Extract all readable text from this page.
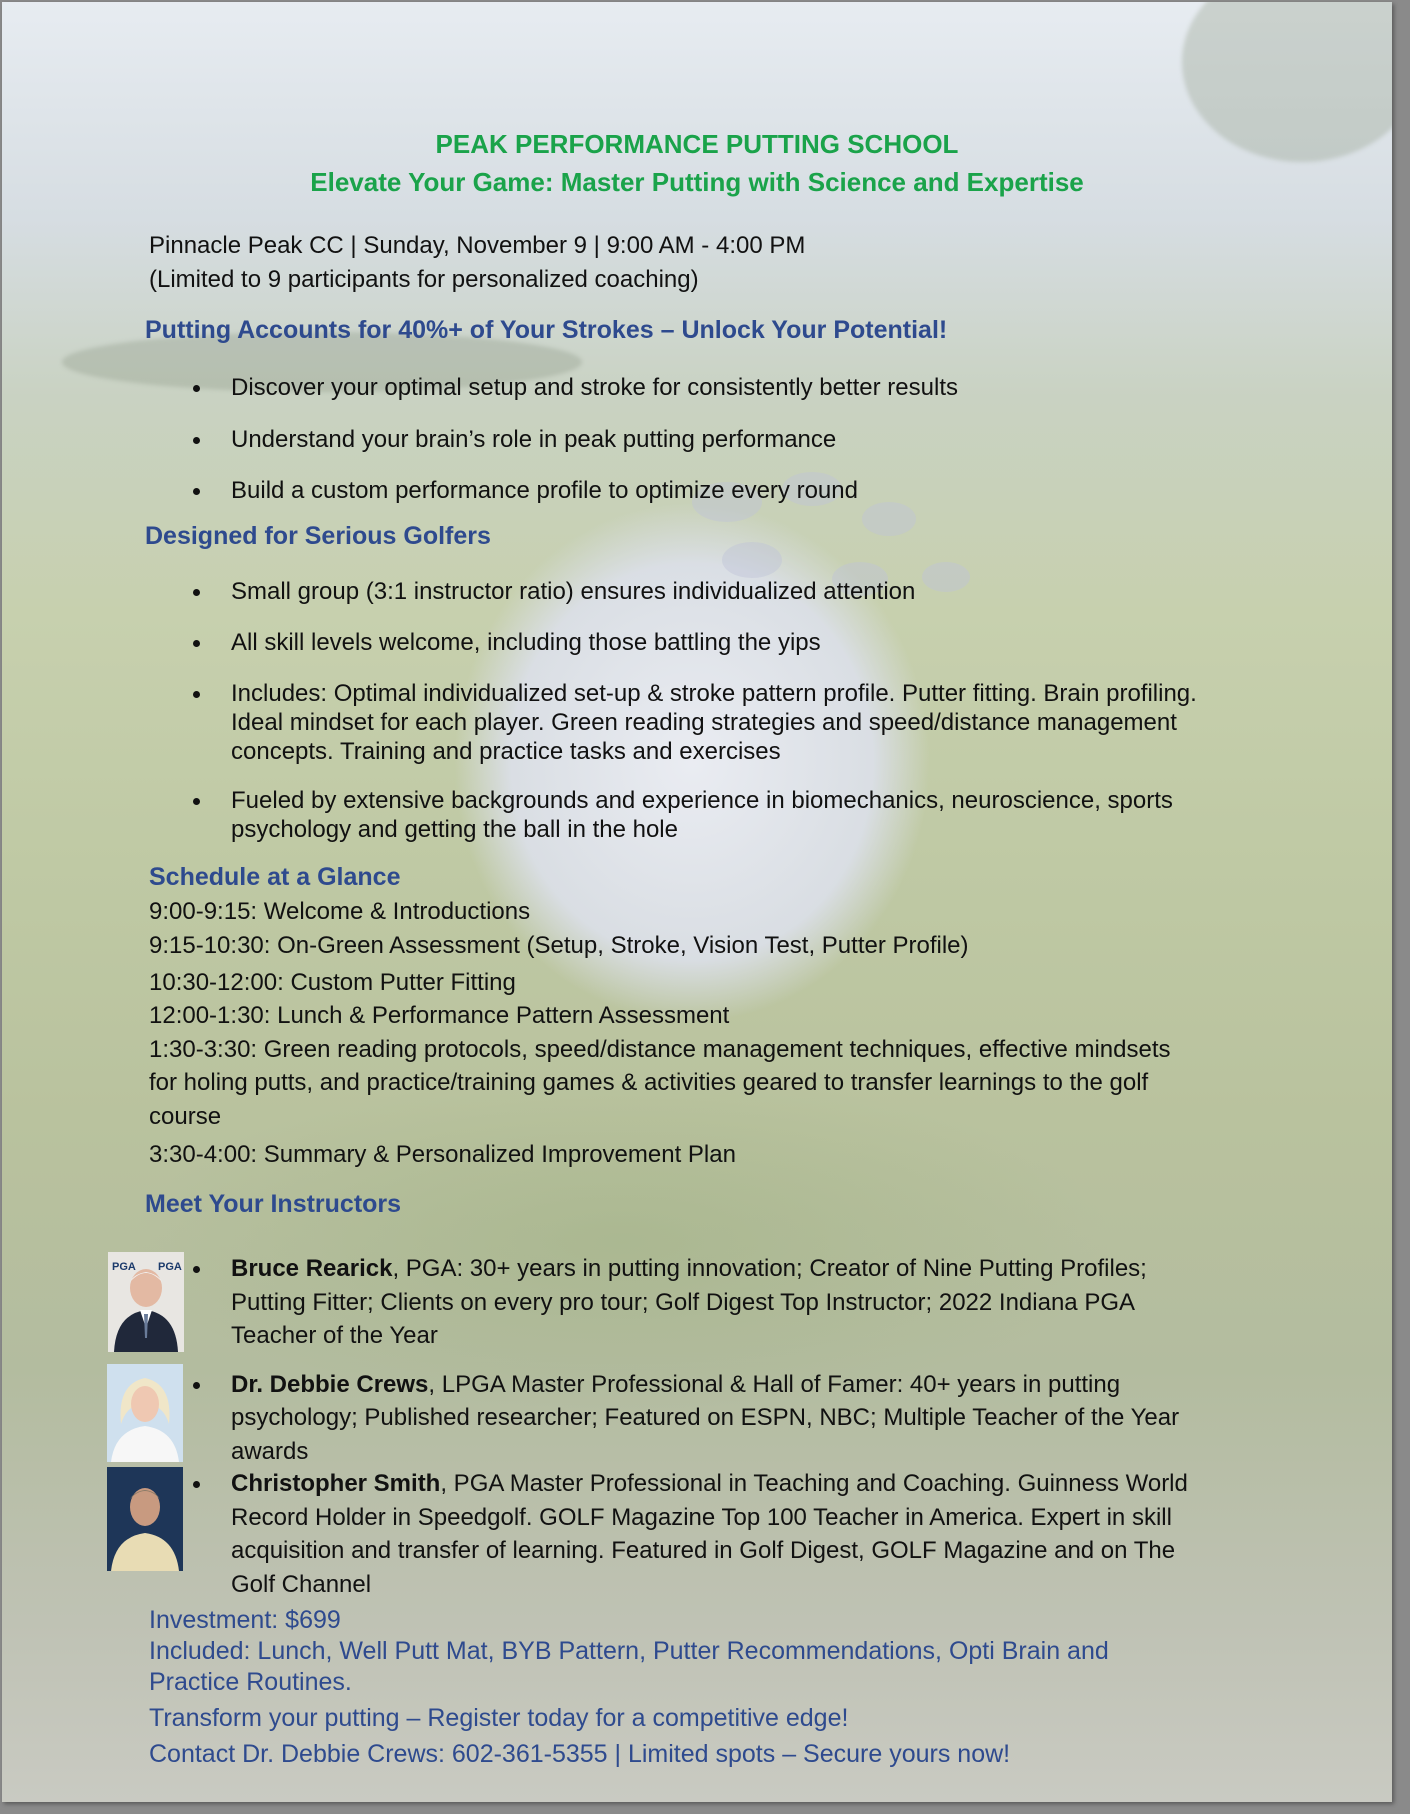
PEAK PERFORMANCE PUTTING SCHOOL
Elevate Your Game: Master Putting with Science and Expertise
Pinnacle Peak CC | Sunday, November 9 | 9:00 AM - 4:00 PM
(Limited to 9 participants for personalized coaching)
Putting Accounts for 40%+ of Your Strokes – Unlock Your Potential!
Discover your optimal setup and stroke for consistently better results
Understand your brain’s role in peak putting performance
Build a custom performance profile to optimize every round
Designed for Serious Golfers
Small group (3:1 instructor ratio) ensures individualized attention
All skill levels welcome, including those battling the yips
Includes: Optimal individualized set-up & stroke pattern profile. Putter fitting. Brain profiling.
Ideal mindset for each player. Green reading strategies and speed/distance management
concepts. Training and practice tasks and exercises
Fueled by extensive backgrounds and experience in biomechanics, neuroscience, sports
psychology and getting the ball in the hole
Schedule at a Glance
9:00-9:15: Welcome & Introductions
9:15-10:30: On-Green Assessment (Setup, Stroke, Vision Test, Putter Profile)
10:30-12:00: Custom Putter Fitting
12:00-1:30: Lunch & Performance Pattern Assessment
1:30-3:30: Green reading protocols, speed/distance management techniques, effective mindsets
for holing putts, and practice/training games & activities geared to transfer learnings to the golf
course
3:30-4:00: Summary & Personalized Improvement Plan
Meet Your Instructors
PGA PGA Bruce Rearick, PGA: 30+ years in putting innovation; Creator of Nine Putting Profiles;
Putting Fitter; Clients on every pro tour; Golf Digest Top Instructor; 2022 Indiana PGA
Teacher of the Year
Dr. Debbie Crews, LPGA Master Professional & Hall of Famer: 40+ years in putting
psychology; Published researcher; Featured on ESPN, NBC; Multiple Teacher of the Year
awards
Christopher Smith, PGA Master Professional in Teaching and Coaching. Guinness World
Record Holder in Speedgolf. GOLF Magazine Top 100 Teacher in America. Expert in skill
acquisition and transfer of learning. Featured in Golf Digest, GOLF Magazine and on The
Golf Channel
Investment: $699
Included: Lunch, Well Putt Mat, BYB Pattern, Putter Recommendations, Opti Brain and
Practice Routines.
Transform your putting – Register today for a competitive edge!
Contact Dr. Debbie Crews: 602-361-5355 | Limited spots – Secure yours now!
